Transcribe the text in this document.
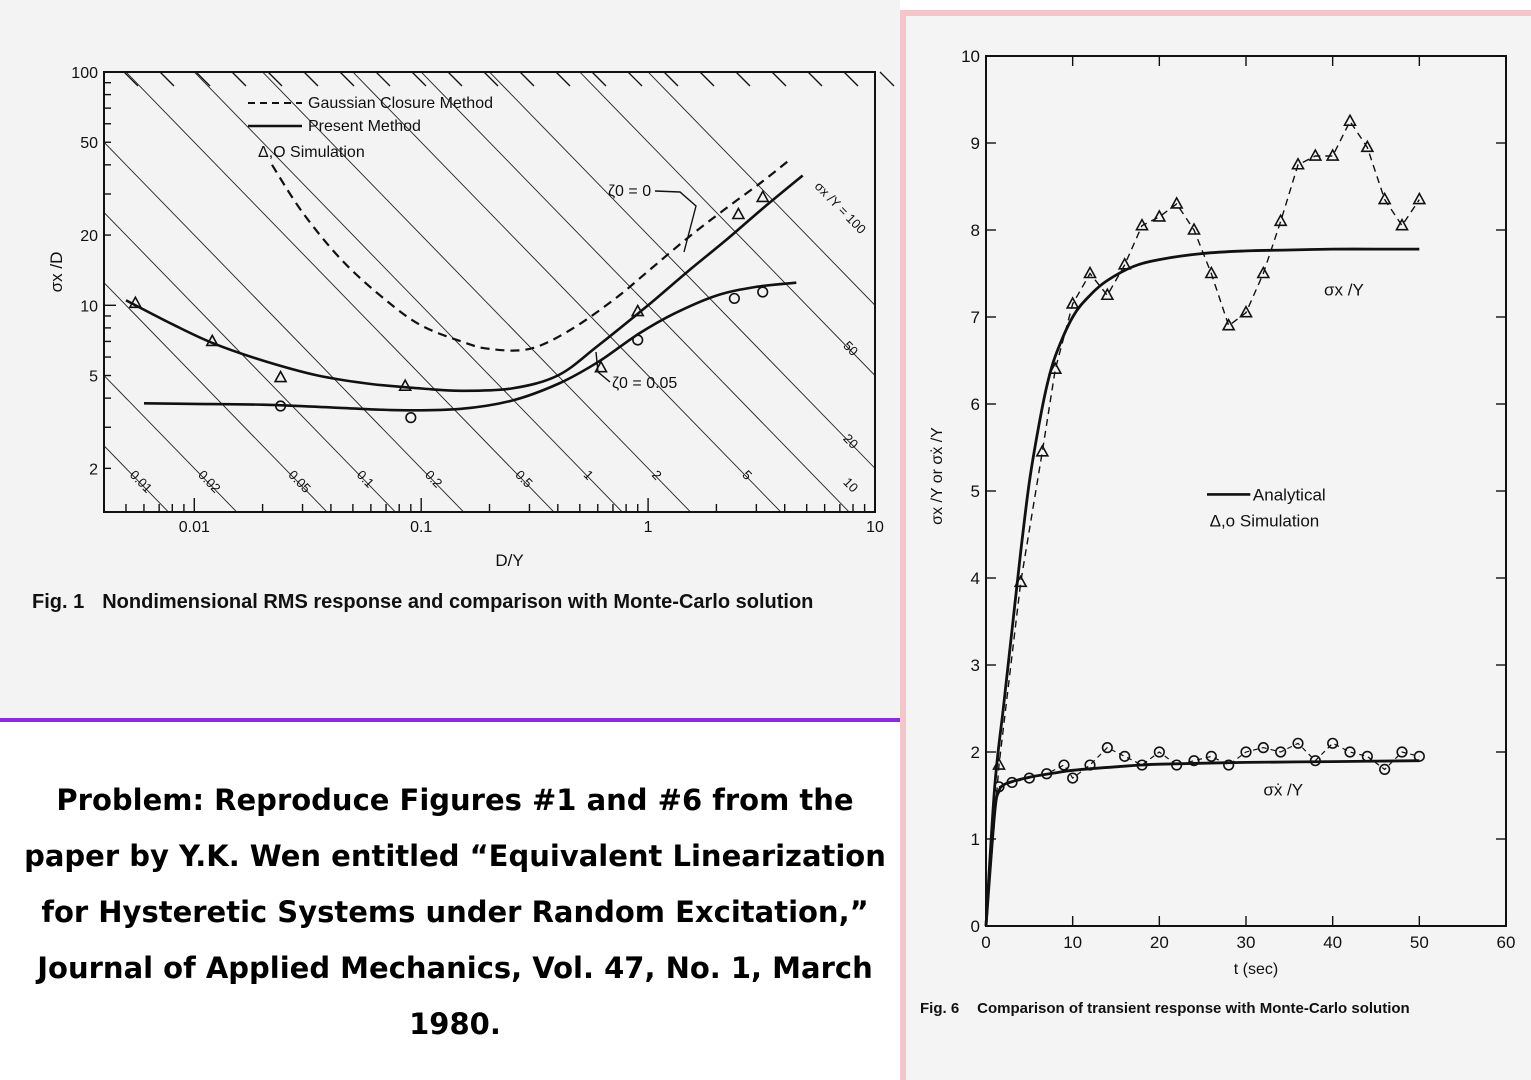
0.01	0.02	0.05	0.1	0.2	0.5	1	2	5	10
20
50
σx /Y = 100
0.01	0.1	1	10
2
5
10
20
50
100
D/Y
σx /D
Gaussian Closure Method
Present Method
Δ,O Simulation
ζ0 = 0
ζ0 = 0.05
Fig. 1 Nondimensional RMS response and comparison with Monte-Carlo solution
Problem: Reproduce Figures #1 and #6 from the paper by Y.K. Wen entitled “Equivalent Linearization for Hysteretic Systems under Random Excitation,” Journal of Applied Mechanics, Vol. 47, No. 1, March 1980.
0	10	20	30	40	50	60
0
1
2
3
4
5
6
7
8
9
10
t (sec)
σx /Y or σẋ /Y
σx /Y
σẋ /Y
Analytical
Δ,o Simulation
Fig. 6 Comparison of transient response with Monte-Carlo solution
